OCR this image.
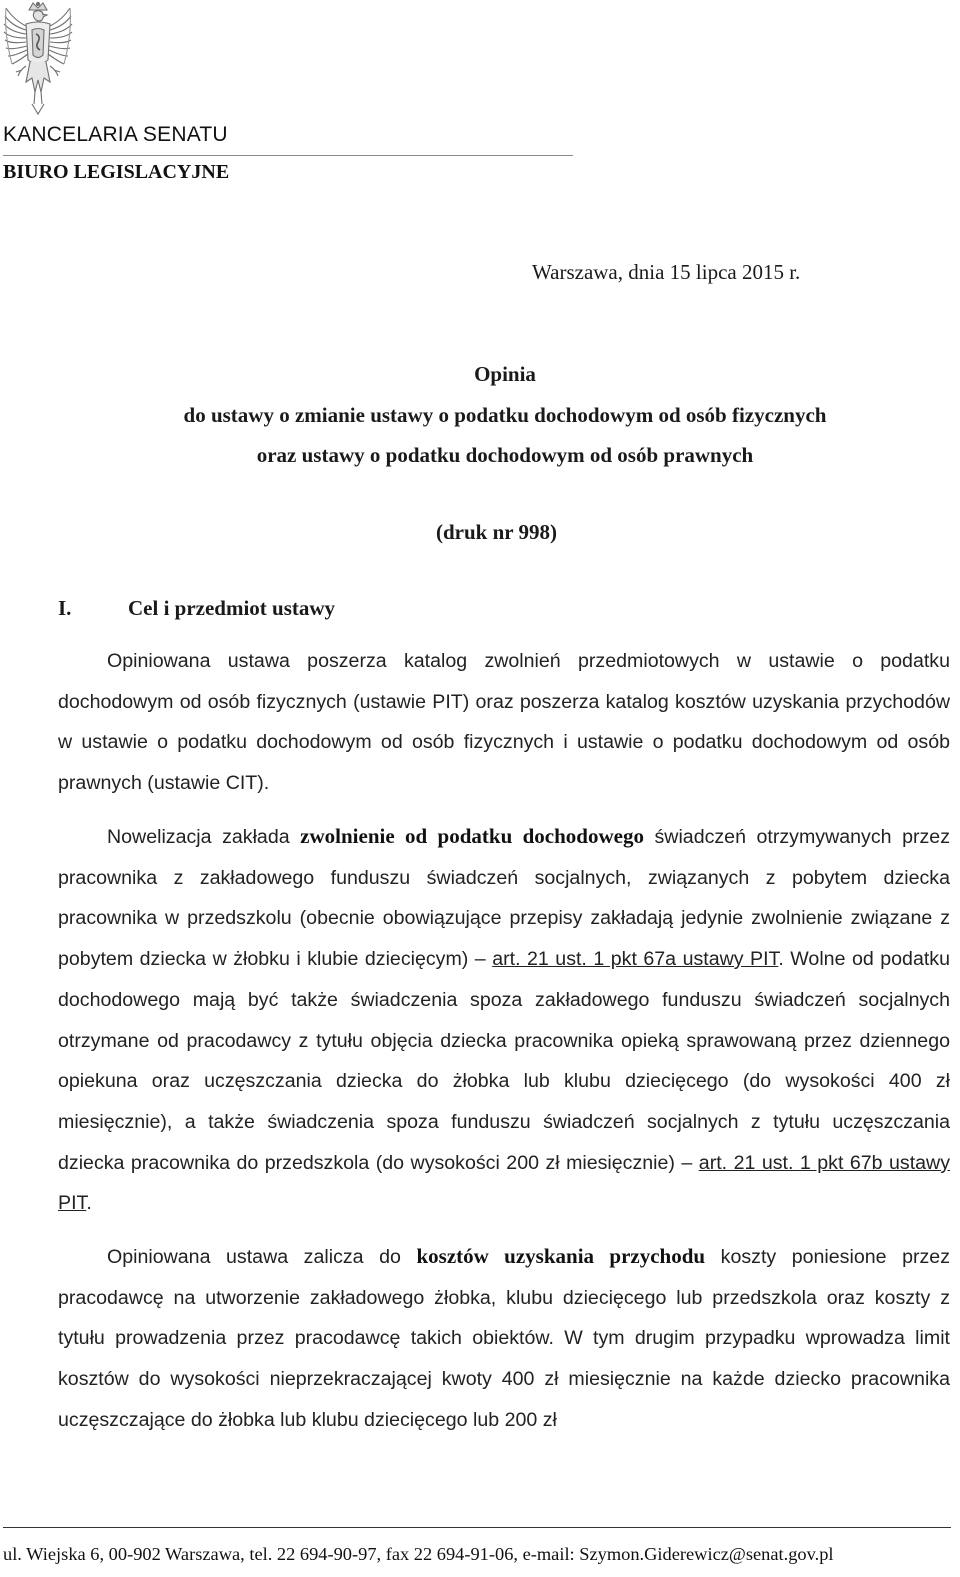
KANCELARIA SENATU
BIURO LEGISLACYJNE
Warszawa, dnia 15 lipca 2015 r.
Opinia
do ustawy o zmianie ustawy o podatku dochodowym od osób fizycznych
oraz ustawy o podatku dochodowym od osób prawnych
(druk nr 998)
I.	Cel i przedmiot ustawy

Opiniowana ustawa poszerza katalog zwolnień przedmiotowych w ustawie o podatku dochodowym od osób fizycznych (ustawie PIT) oraz poszerza katalog kosztów uzyskania przychodów w ustawie o podatku dochodowym od osób fizycznych i ustawie o podatku dochodowym od osób prawnych (ustawie CIT).

Nowelizacja zakłada zwolnienie od podatku dochodowego świadczeń otrzymywanych przez pracownika z zakładowego funduszu świadczeń socjalnych, związanych z pobytem dziecka pracownika w przedszkolu (obecnie obowiązujące przepisy zakładają jedynie zwolnienie związane z pobytem dziecka w żłobku i klubie dziecięcym) – art. 21 ust. 1 pkt 67a ustawy PIT. Wolne od podatku dochodowego mają być także świadczenia spoza zakładowego funduszu świadczeń socjalnych otrzymane od pracodawcy z tytułu objęcia dziecka pracownika opieką sprawowaną przez dziennego opiekuna oraz uczęszczania dziecka do żłobka lub klubu dziecięcego (do wysokości 400 zł miesięcznie), a także świadczenia spoza funduszu świadczeń socjalnych z tytułu uczęszczania dziecka pracownika do przedszkola (do wysokości 200 zł miesięcznie) – art. 21 ust. 1 pkt 67b ustawy PIT.

Opiniowana ustawa zalicza do kosztów uzyskania przychodu koszty poniesione przez pracodawcę na utworzenie zakładowego żłobka, klubu dziecięcego lub przedszkola oraz koszty z tytułu prowadzenia przez pracodawcę takich obiektów. W tym drugim przypadku wprowadza limit kosztów do wysokości nieprzekraczającej kwoty 400 zł miesięcznie na każde dziecko pracownika uczęszczające do żłobka lub klubu dziecięcego lub 200 zł

ul. Wiejska 6, 00-902 Warszawa, tel. 22 694-90-97, fax 22 694-91-06, e-mail: Szymon.Giderewicz@senat.gov.pl
